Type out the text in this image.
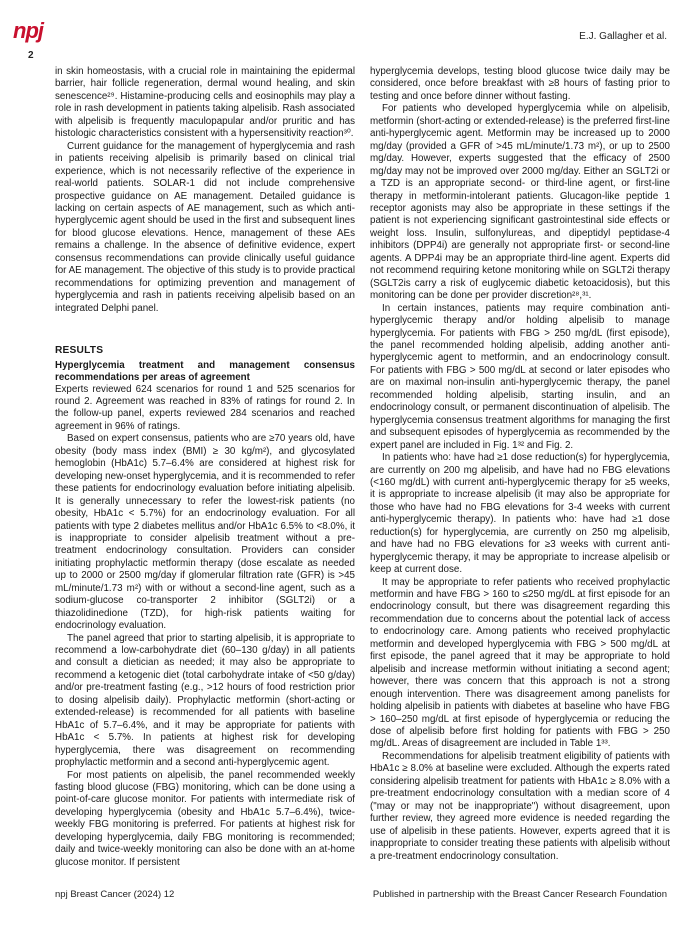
npj
2
E.J. Gallagher et al.

in skin homeostasis, with a crucial role in maintaining the epidermal barrier, hair follicle regeneration, dermal wound healing, and skin senescence²⁹. Histamine-producing cells and eosinophils may play a role in rash development in patients taking alpelisib. Rash associated with alpelisib is frequently maculopapular and/or pruritic and has histologic characteristics consistent with a hypersensitivity reaction³⁰.

Current guidance for the management of hyperglycemia and rash in patients receiving alpelisib is primarily based on clinical trial experience, which is not necessarily reflective of the experience in real-world patients. SOLAR-1 did not include comprehensive prospective guidance on AE management. Detailed guidance is lacking on certain aspects of AE management, such as which anti-hyperglycemic agent should be used in the first and subsequent lines for blood glucose elevations. Hence, management of these AEs remains a challenge. In the absence of definitive evidence, expert consensus recommendations can provide clinically useful guidance for AE management. The objective of this study is to provide practical recommendations for optimizing prevention and management of hyperglycemia and rash in patients receiving alpelisib based on an integrated Delphi panel.

RESULTS
Hyperglycemia treatment and management consensus recommendations per areas of agreement

Experts reviewed 624 scenarios for round 1 and 525 scenarios for round 2. Agreement was reached in 83% of ratings for round 2. In the follow-up panel, experts reviewed 284 scenarios and reached agreement in 96% of ratings.

Based on expert consensus, patients who are ≥70 years old, have obesity (body mass index (BMI) ≥ 30 kg/m²), and glycosylated hemoglobin (HbA1c) 5.7–6.4% are considered at highest risk for developing new-onset hyperglycemia, and it is recommended to refer these patients for endocrinology evaluation before initiating alpelisib. It is generally unnecessary to refer the lowest-risk patients (no obesity, HbA1c < 5.7%) for an endocrinology evaluation. For all patients with type 2 diabetes mellitus and/or HbA1c 6.5% to <8.0%, it is inappropriate to consider alpelisib treatment without a pre-treatment endocrinology consultation. Providers can consider initiating prophylactic metformin therapy (dose escalate as needed up to 2000 or 2500 mg/day if glomerular filtration rate (GFR) is >45 mL/minute/1.73 m²) with or without a second-line agent, such as a sodium-glucose co-transporter 2 inhibitor (SGLT2i) or a thiazolidinedione (TZD), for high-risk patients waiting for endocrinology evaluation.

The panel agreed that prior to starting alpelisib, it is appropriate to recommend a low-carbohydrate diet (60–130 g/day) in all patients and consult a dietician as needed; it may also be appropriate to recommend a ketogenic diet (total carbohydrate intake of <50 g/day) and/or pre-treatment fasting (e.g., >12 hours of food restriction prior to dosing alpelisib daily). Prophylactic metformin (short-acting or extended-release) is recommended for all patients with baseline HbA1c of 5.7–6.4%, and it may be appropriate for patients with HbA1c < 5.7%. In patients at highest risk for developing hyperglycemia, there was disagreement on recommending prophylactic metformin and a second anti-hyperglycemic agent.

For most patients on alpelisib, the panel recommended weekly fasting blood glucose (FBG) monitoring, which can be done using a point-of-care glucose monitor. For patients with intermediate risk of developing hyperglycemia (obesity and HbA1c 5.7–6.4%), twice-weekly FBG monitoring is preferred. For patients at highest risk for developing hyperglycemia, daily FBG monitoring is recommended; daily and twice-weekly monitoring can also be done with an at-home glucose monitor. If persistent

hyperglycemia develops, testing blood glucose twice daily may be considered, once before breakfast with ≥8 hours of fasting prior to testing and once before dinner without fasting.

For patients who developed hyperglycemia while on alpelisib, metformin (short-acting or extended-release) is the preferred first-line anti-hyperglycemic agent. Metformin may be increased up to 2000 mg/day (provided a GFR of >45 mL/minute/1.73 m²), or up to 2500 mg/day. However, experts suggested that the efficacy of 2500 mg/day may not be improved over 2000 mg/day. Either an SGLT2i or a TZD is an appropriate second- or third-line agent, or first-line therapy in metformin-intolerant patients. Glucagon-like peptide 1 receptor agonists may also be appropriate in these settings if the patient is not experiencing significant gastrointestinal side effects or weight loss. Insulin, sulfonylureas, and dipeptidyl peptidase-4 inhibitors (DPP4i) are generally not appropriate first- or second-line agents. A DPP4i may be an appropriate third-line agent. Experts did not recommend requiring ketone monitoring while on SGLT2i therapy (SGLT2is carry a risk of euglycemic diabetic ketoacidosis), but this monitoring can be done per provider discretion²⁸,³¹.

In certain instances, patients may require combination anti-hyperglycemic therapy and/or holding alpelisib to manage hyperglycemia. For patients with FBG > 250 mg/dL (first episode), the panel recommended holding alpelisib, adding another anti-hyperglycemic agent to metformin, and an endocrinology consult. For patients with FBG > 500 mg/dL at second or later episodes who are on maximal non-insulin anti-hyperglycemic therapy, the panel recommended holding alpelisib, starting insulin, and an endocrinology consult, or permanent discontinuation of alpelisib. The hyperglycemia consensus treatment algorithms for managing the first and subsequent episodes of hyperglycemia as recommended by the expert panel are included in Fig. 1³² and Fig. 2.

In patients who: have had ≥1 dose reduction(s) for hyperglycemia, are currently on 200 mg alpelisib, and have had no FBG elevations (<160 mg/dL) with current anti-hyperglycemic therapy for ≥5 weeks, it is appropriate to increase alpelisib (it may also be appropriate for those who have had no FBG elevations for 3-4 weeks with current anti-hyperglycemic therapy). In patients who: have had ≥1 dose reduction(s) for hyperglycemia, are currently on 250 mg alpelisib, and have had no FBG elevations for ≥3 weeks with current anti-hyperglycemic therapy, it may be appropriate to increase alpelisib or keep at current dose.

It may be appropriate to refer patients who received prophylactic metformin and have FBG > 160 to ≤250 mg/dL at first episode for an endocrinology consult, but there was disagreement regarding this recommendation due to concerns about the potential lack of access to endocrinology care. Among patients who received prophylactic metformin and developed hyperglycemia with FBG > 500 mg/dL at first episode, the panel agreed that it may be appropriate to hold alpelisib and increase metformin without initiating a second agent; however, there was concern that this approach is not a strong enough intervention. There was disagreement among panelists for holding alpelisib in patients with diabetes at baseline who have FBG > 160–250 mg/dL at first episode of hyperglycemia or reducing the dose of alpelisib before first holding for patients with FBG > 250 mg/dL. Areas of disagreement are included in Table 1³³.

Recommendations for alpelisib treatment eligibility of patients with HbA1c ≥ 8.0% at baseline were excluded. Although the experts rated considering alpelisib treatment for patients with HbA1c ≥ 8.0% with a pre-treatment endocrinology consultation with a median score of 4 ("may or may not be inappropriate") without disagreement, upon further review, they agreed more evidence is needed regarding the use of alpelisib in these patients. However, experts agreed that it is inappropriate to consider treating these patients with alpelisib without a pre-treatment endocrinology consultation.

npj Breast Cancer (2024) 12	Published in partnership with the Breast Cancer Research Foundation
